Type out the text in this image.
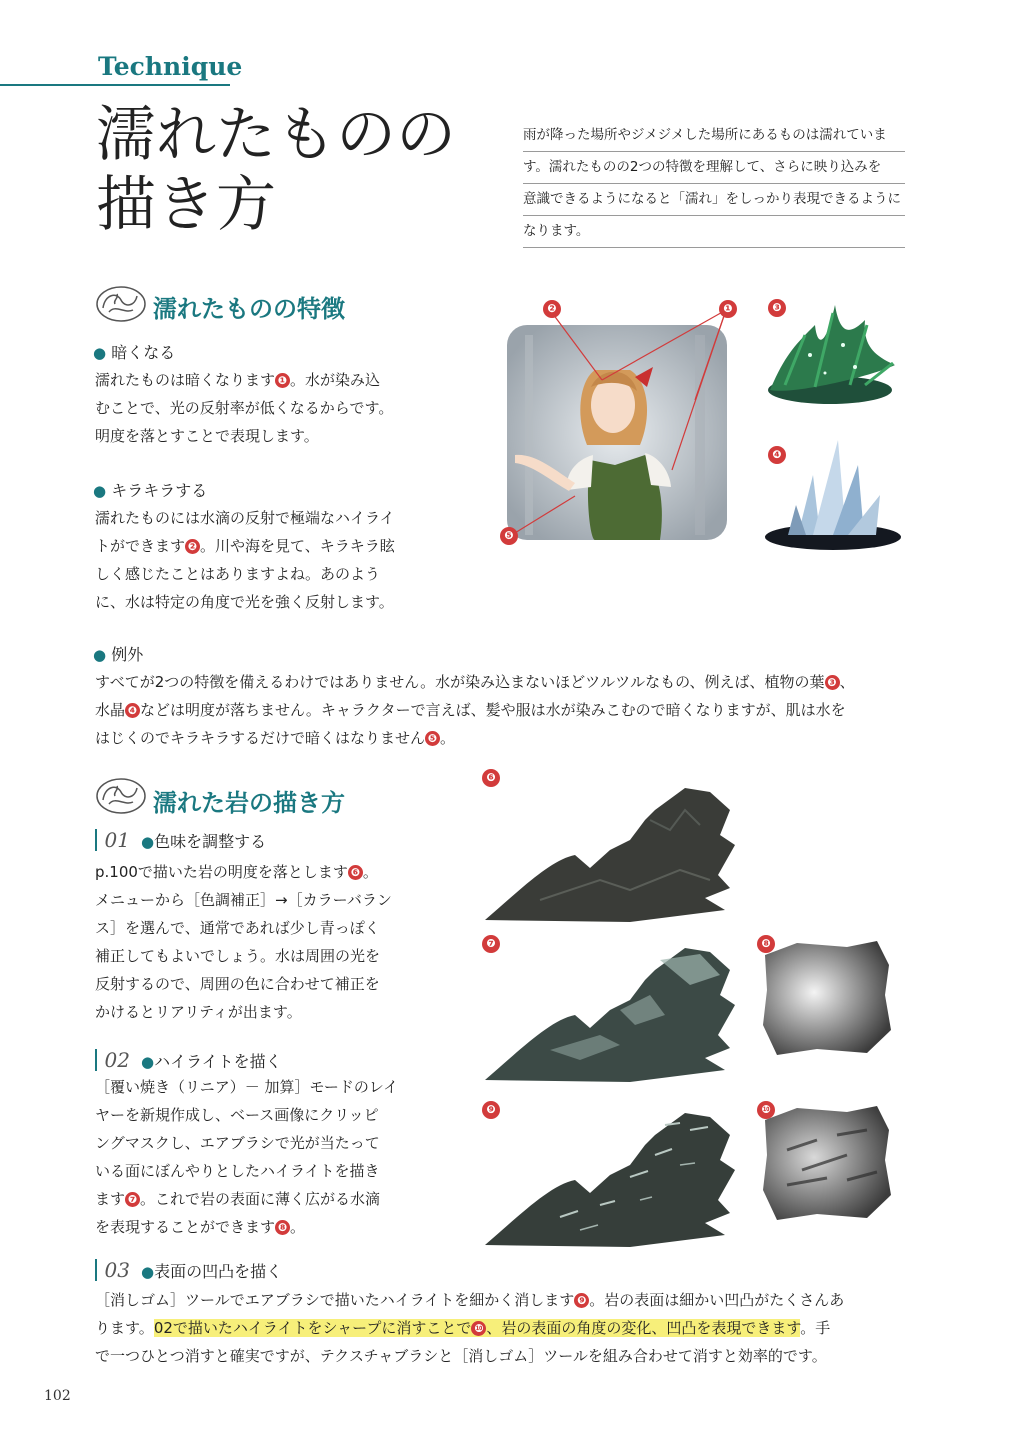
Technique
濡れたものの
描き方
雨が降った場所やジメジメした場所にあるものは濡れていま
す。濡れたものの2つの特徴を理解して、さらに映り込みを
意識できるようになると「濡れ」をしっかり表現できるように
なります。
濡れたものの特徴
● 暗くなる
濡れたものは暗くなります ❶ 。水が染み込
むことで、光の反射率が低くなるからです。
明度を落とすことで表現します。
● キラキラする
濡れたものには水滴の反射で極端なハイライ
トができます ❷ 。川や海を見て、キラキラ眩
しく感じたことはありますよね。あのよう
に、水は特定の角度で光を強く反射します。
❷	❶
❺
❸
❹
● 例外
すべてが2つの特徴を備えるわけではありません。水が染み込まないほどツルツルなもの、例えば、植物の葉 ❸ 、
水晶 ❹ などは明度が落ちません。キャラクターで言えば、髪や服は水が染みこむので暗くなりますが、肌は水を
はじくのでキラキラするだけで暗くはなりません ❺ 。
濡れた岩の描き方
01 ●色味を調整する
p.100で描いた岩の明度を落とします ❻ 。
メニューから［色調補正］→［カラーバラン
ス］を選んで、通常であれば少し青っぽく
補正してもよいでしょう。水は周囲の光を
反射するので、周囲の色に合わせて補正を
かけるとリアリティが出ます。
02 ●ハイライトを描く
［覆い焼き（リニア）－ 加算］モードのレイ
ヤーを新規作成し、ベース画像にクリッピ
ングマスクし、エアブラシで光が当たって
いる面にぼんやりとしたハイライトを描き
ます ❼ 。これで岩の表面に薄く広がる水滴
を表現することができます ❽ 。
❻
❼	❽
❾	❿
03 ●表面の凹凸を描く
［消しゴム］ツールでエアブラシで描いたハイライトを細かく消します ❾ 。岩の表面は細かい凹凸がたくさんあ
ります。02で描いたハイライトをシャープに消すことで ❿ 、岩の表面の角度の変化、凹凸を表現できます。手
で一つひとつ消すと確実ですが、テクスチャブラシと［消しゴム］ツールを組み合わせて消すと効率的です。
102
